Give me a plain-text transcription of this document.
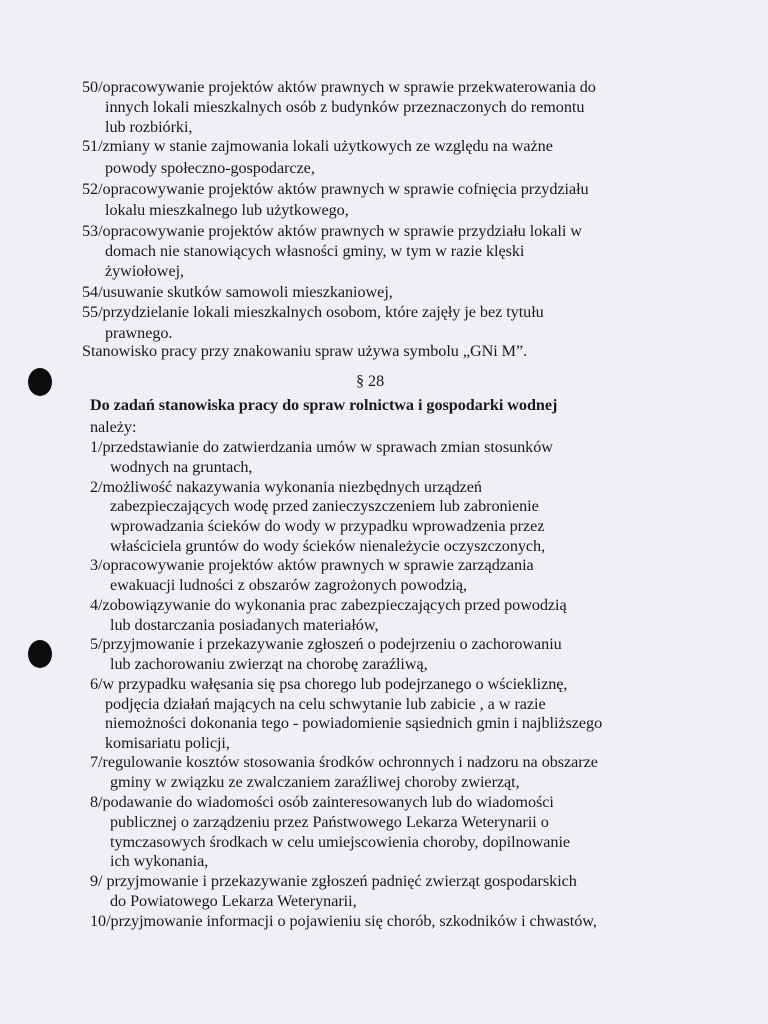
50/opracowywanie projektów aktów prawnych w sprawie przekwaterowania do
innych lokali mieszkalnych osób z budynków przeznaczonych do remontu
lub rozbiórki,
51/zmiany w stanie zajmowania lokali użytkowych ze względu na ważne
powody społeczno-gospodarcze,
52/opracowywanie projektów aktów prawnych w sprawie cofnięcia przydziału
lokalu mieszkalnego lub użytkowego,
53/opracowywanie projektów aktów prawnych w sprawie przydziału lokali w
domach nie stanowiących własności gminy, w tym w razie klęski
żywiołowej,
54/usuwanie skutków samowoli mieszkaniowej,
55/przydzielanie lokali mieszkalnych osobom, które zajęły je bez tytułu
prawnego.
Stanowisko pracy przy znakowaniu spraw używa symbolu „GNi M”.
§ 28
Do zadań stanowiska pracy do spraw rolnictwa i gospodarki wodnej
należy:
1/przedstawianie do zatwierdzania umów w sprawach zmian stosunków
wodnych na gruntach,
2/możliwość nakazywania wykonania niezbędnych urządzeń
zabezpieczających wodę przed zanieczyszczeniem lub zabronienie
wprowadzania ścieków do wody w przypadku wprowadzenia przez
właściciela gruntów do wody ścieków nienależycie oczyszczonych,
3/opracowywanie projektów aktów prawnych w sprawie zarządzania
ewakuacji ludności z obszarów zagrożonych powodzią,
4/zobowiązywanie do wykonania prac zabezpieczających przed powodzią
lub dostarczania posiadanych materiałów,
5/przyjmowanie i przekazywanie zgłoszeń o podejrzeniu o zachorowaniu
lub zachorowaniu zwierząt na chorobę zaraźliwą,
6/w przypadku wałęsania się psa chorego lub podejrzanego o wściekliznę,
podjęcia działań mających na celu schwytanie lub zabicie , a w razie
niemożności dokonania tego - powiadomienie sąsiednich gmin i najbliższego
komisariatu policji,
7/regulowanie kosztów stosowania środków ochronnych i nadzoru na obszarze
gminy w związku ze zwalczaniem zaraźliwej choroby zwierząt,
8/podawanie do wiadomości osób zainteresowanych lub do wiadomości
publicznej o zarządzeniu przez Państwowego Lekarza Weterynarii o
tymczasowych środkach w celu umiejscowienia choroby, dopilnowanie
ich wykonania,
9/ przyjmowanie i przekazywanie zgłoszeń padnięć zwierząt gospodarskich
do Powiatowego Lekarza Weterynarii,
10/przyjmowanie informacji o pojawieniu się chorób, szkodników i chwastów,
